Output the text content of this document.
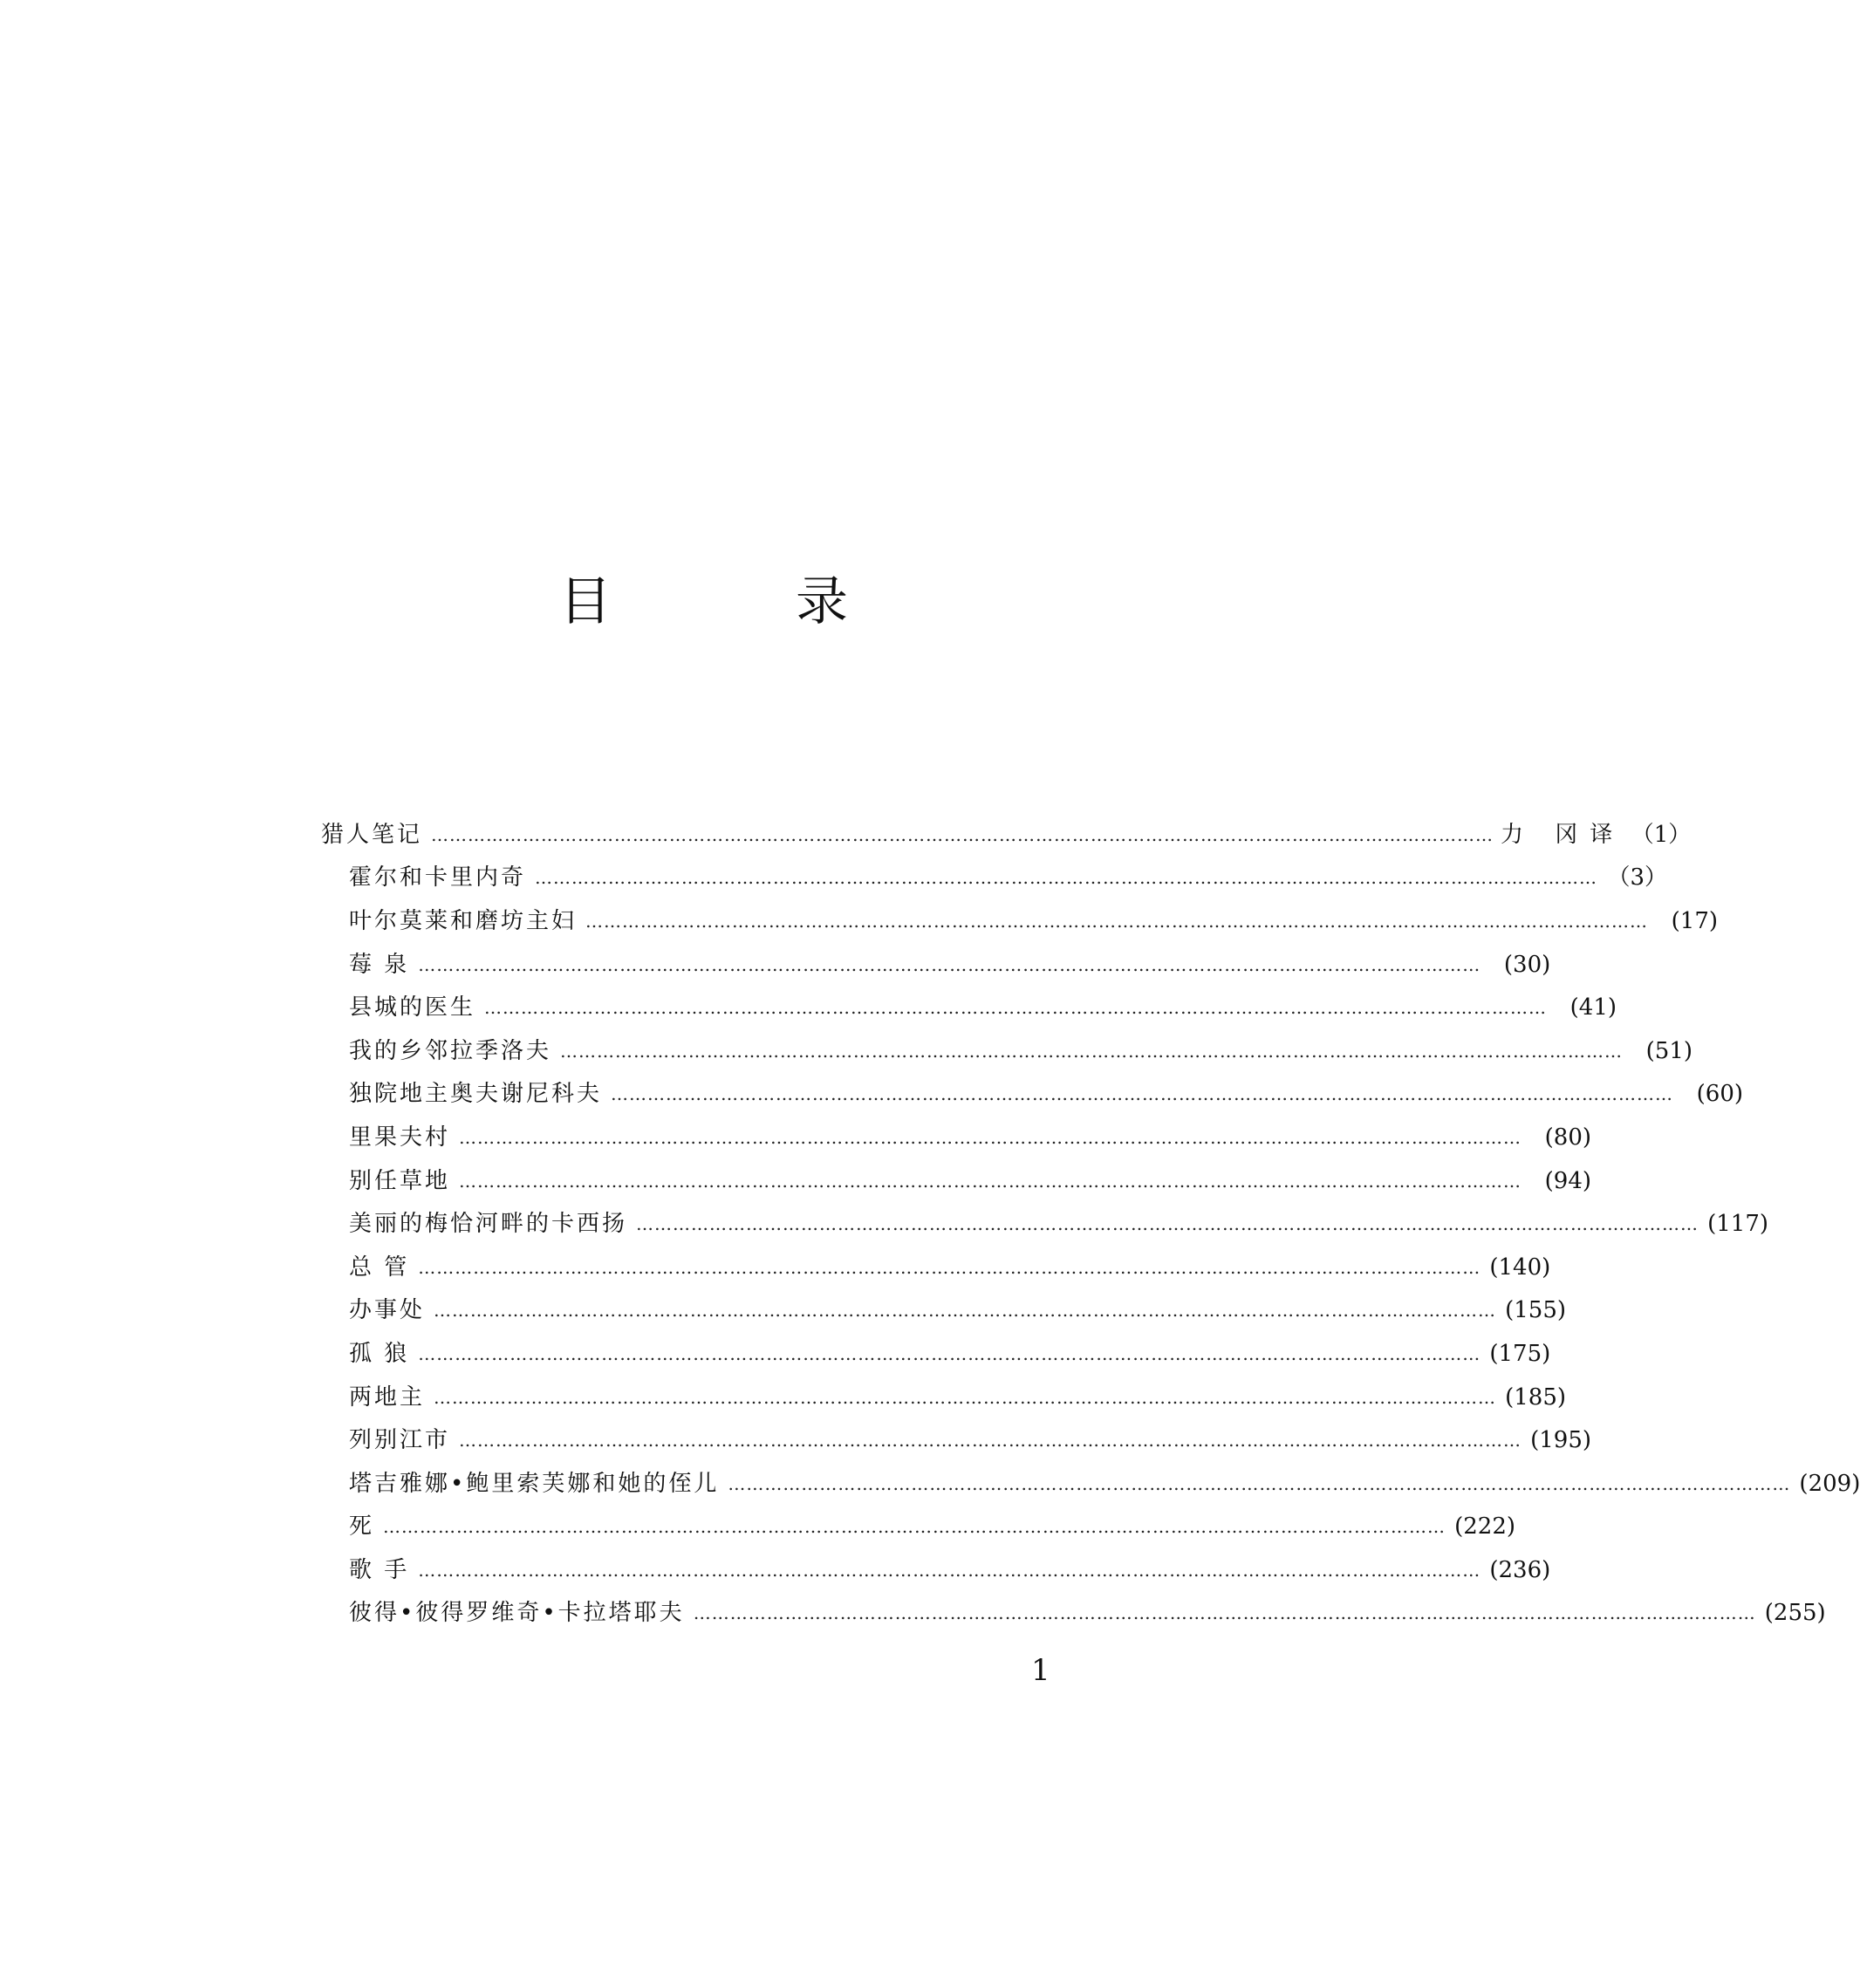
目 录
猎人笔记 ………………………………………………………………………………………………………………………………………………………… 力 冈译 （1）
霍尔和卡里内奇 ………………………………………………………………………………………………………………………………………………………… （3）
叶尔莫莱和磨坊主妇 …………………………………………………………………………………………………………………………………………………………	(17)
莓 泉 …………………………………………………………………………………………………………………………………………………………	(30)
县城的医生 …………………………………………………………………………………………………………………………………………………………	(41)
我的乡邻拉季洛夫 …………………………………………………………………………………………………………………………………………………………	(51)
独院地主奥夫谢尼科夫 …………………………………………………………………………………………………………………………………………………………	(60)
里果夫村 …………………………………………………………………………………………………………………………………………………………	(80)
别任草地 …………………………………………………………………………………………………………………………………………………………	(94)
美丽的梅恰河畔的卡西扬 ………………………………………………………………………………………………………………………………………………………… (117)
总 管 ………………………………………………………………………………………………………………………………………………………… (140)
办事处 ………………………………………………………………………………………………………………………………………………………… (155)
孤 狼 ………………………………………………………………………………………………………………………………………………………… (175)
两地主 ………………………………………………………………………………………………………………………………………………………… (185)
列别江市 ………………………………………………………………………………………………………………………………………………………… (195)
塔吉雅娜•鲍里索芙娜和她的侄儿 ………………………………………………………………………………………………………………………………………………………… (209)
死 ………………………………………………………………………………………………………………………………………………………… (222)
歌 手 ………………………………………………………………………………………………………………………………………………………… (236)
彼得•彼得罗维奇•卡拉塔耶夫 ………………………………………………………………………………………………………………………………………………………… (255)
1
